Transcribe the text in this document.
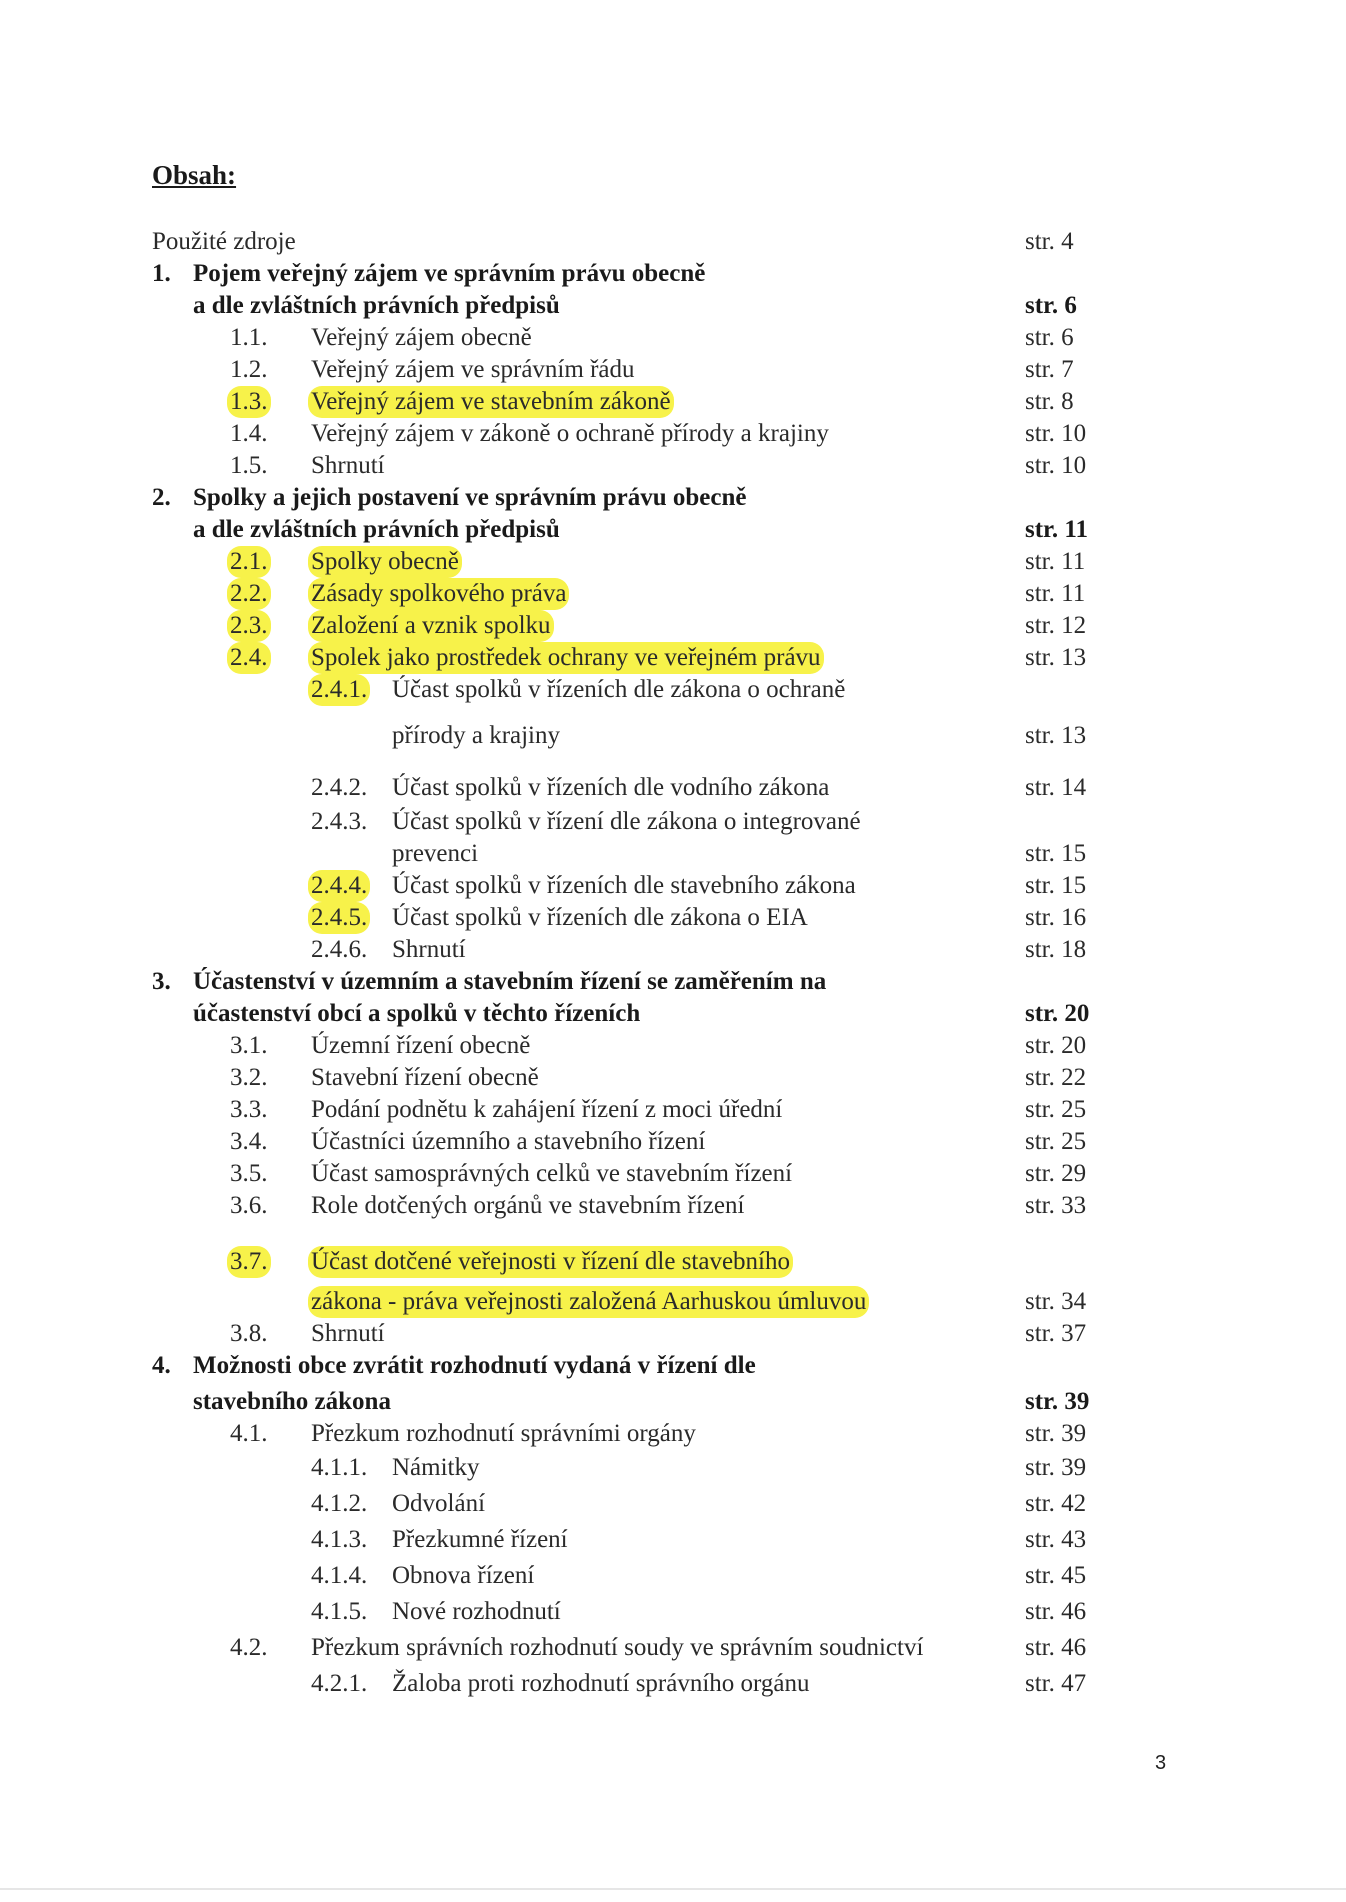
Obsah:
Použité zdroje	str. 4
1. Pojem veřejný zájem ve správním právu obecně
a dle zvláštních právních předpisů	str. 6
1.1. Veřejný zájem obecně	str. 6
1.2. Veřejný zájem ve správním řádu	str. 7
1.3. Veřejný zájem ve stavebním zákoně	str. 8
1.4. Veřejný zájem v zákoně o ochraně přírody a krajiny	str. 10
1.5. Shrnutí	str. 10
2. Spolky a jejich postavení ve správním právu obecně
a dle zvláštních právních předpisů	str. 11
2.1. Spolky obecně	str. 11
2.2. Zásady spolkového práva	str. 11
2.3. Založení a vznik spolku	str. 12
2.4. Spolek jako prostředek ochrany ve veřejném právu	str. 13
2.4.1. Účast spolků v řízeních dle zákona o ochraně
přírody a krajiny	str. 13
2.4.2. Účast spolků v řízeních dle vodního zákona	str. 14
2.4.3. Účast spolků v řízení dle zákona o integrované
prevenci	str. 15
2.4.4. Účast spolků v řízeních dle stavebního zákona	str. 15
2.4.5. Účast spolků v řízeních dle zákona o EIA	str. 16
2.4.6. Shrnutí	str. 18
3. Účastenství v územním a stavebním řízení se zaměřením na
účastenství obcí a spolků v těchto řízeních	str. 20
3.1. Územní řízení obecně	str. 20
3.2. Stavební řízení obecně	str. 22
3.3. Podání podnětu k zahájení řízení z moci úřední	str. 25
3.4. Účastníci územního a stavebního řízení	str. 25
3.5. Účast samosprávných celků ve stavebním řízení	str. 29
3.6. Role dotčených orgánů ve stavebním řízení	str. 33
3.7. Účast dotčené veřejnosti v řízení dle stavebního
zákona - práva veřejnosti založená Aarhuskou úmluvou	str. 34
3.8. Shrnutí	str. 37
4. Možnosti obce zvrátit rozhodnutí vydaná v řízení dle
stavebního zákona	str. 39
4.1. Přezkum rozhodnutí správními orgány	str. 39
4.1.1. Námitky	str. 39
4.1.2. Odvolání	str. 42
4.1.3. Přezkumné řízení	str. 43
4.1.4. Obnova řízení	str. 45
4.1.5. Nové rozhodnutí	str. 46
4.2. Přezkum správních rozhodnutí soudy ve správním soudnictví	str. 46
4.2.1. Žaloba proti rozhodnutí správního orgánu	str. 47
3
